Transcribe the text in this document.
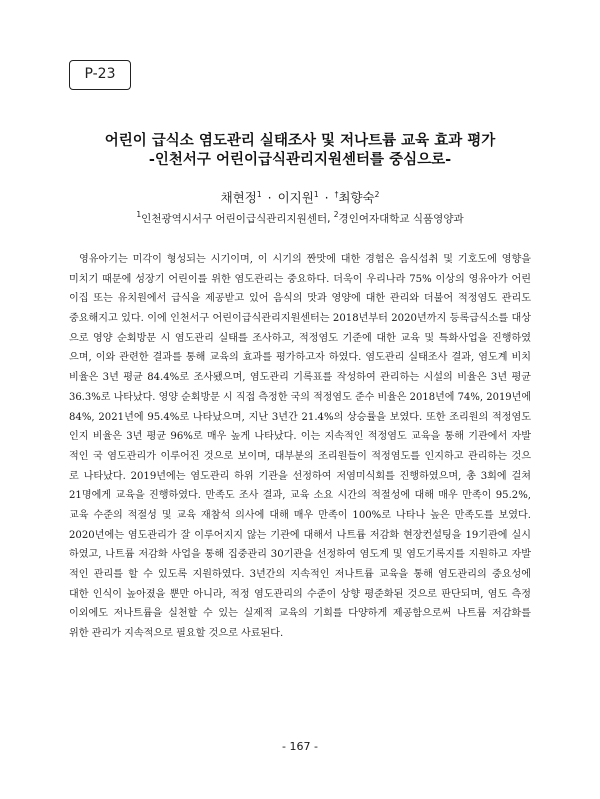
P-23
어린이 급식소 염도관리 실태조사 및 저나트륨 교육 효과 평가
-인천서구 어린이급식관리지원센터를 중심으로-
채현정$^1$ · 이지원$^1$ · †최향숙$^2$
$^1$인천광역시서구 어린이급식관리지원센터, $^2$경인여자대학교 식품영양과

영유아기는 미각이 형성되는 시기이며, 이 시기의 짠맛에 대한 경험은 음식섭취 및 기호도에 영향을
미치기 때문에 성장기 어린이를 위한 염도관리는 중요하다. 더욱이 우리나라 75% 이상의 영유아가 어린
이집 또는 유치원에서 급식을 제공받고 있어 음식의 맛과 영양에 대한 관리와 더불어 적정염도 관리도
중요해지고 있다. 이에 인천서구 어린이급식관리지원센터는 2018년부터 2020년까지 등록급식소를 대상
으로 영양 순회방문 시 염도관리 실태를 조사하고, 적정염도 기준에 대한 교육 및 특화사업을 진행하였
으며, 이와 관련한 결과를 통해 교육의 효과를 평가하고자 하였다. 염도관리 실태조사 결과, 염도계 비치
비율은 3년 평균 84.4%로 조사됐으며, 염도관리 기록표를 작성하여 관리하는 시설의 비율은 3년 평균
36.3%로 나타났다. 영양 순회방문 시 직접 측정한 국의 적정염도 준수 비율은 2018년에 74%, 2019년에
84%, 2021년에 95.4%로 나타났으며, 지난 3년간 21.4%의 상승률을 보였다. 또한 조리원의 적정염도
인지 비율은 3년 평균 96%로 매우 높게 나타났다. 이는 지속적인 적정염도 교육을 통해 기관에서 자발
적인 국 염도관리가 이루어진 것으로 보이며, 대부분의 조리원들이 적정염도를 인지하고 관리하는 것으
로 나타났다. 2019년에는 염도관리 하위 기관을 선정하여 저염미식회를 진행하였으며, 총 3회에 걸쳐
21명에게 교육을 진행하였다. 만족도 조사 결과, 교육 소요 시간의 적절성에 대해 매우 만족이 95.2%,
교육 수준의 적절성 및 교육 재참석 의사에 대해 매우 만족이 100%로 나타나 높은 만족도를 보였다.
2020년에는 염도관리가 잘 이루어지지 않는 기관에 대해서 나트륨 저감화 현장컨설팅을 19기관에 실시
하였고, 나트륨 저감화 사업을 통해 집중관리 30기관을 선정하여 염도계 및 염도기록지를 지원하고 자발
적인 관리를 할 수 있도록 지원하였다. 3년간의 지속적인 저나트륨 교육을 통해 염도관리의 중요성에
대한 인식이 높아졌을 뿐만 아니라, 적정 염도관리의 수준이 상향 평준화된 것으로 판단되며, 염도 측정
이외에도 저나트륨을 실천할 수 있는 실제적 교육의 기회를 다양하게 제공함으로써 나트륨 저감화를
위한 관리가 지속적으로 필요할 것으로 사료된다.

- 167 -
